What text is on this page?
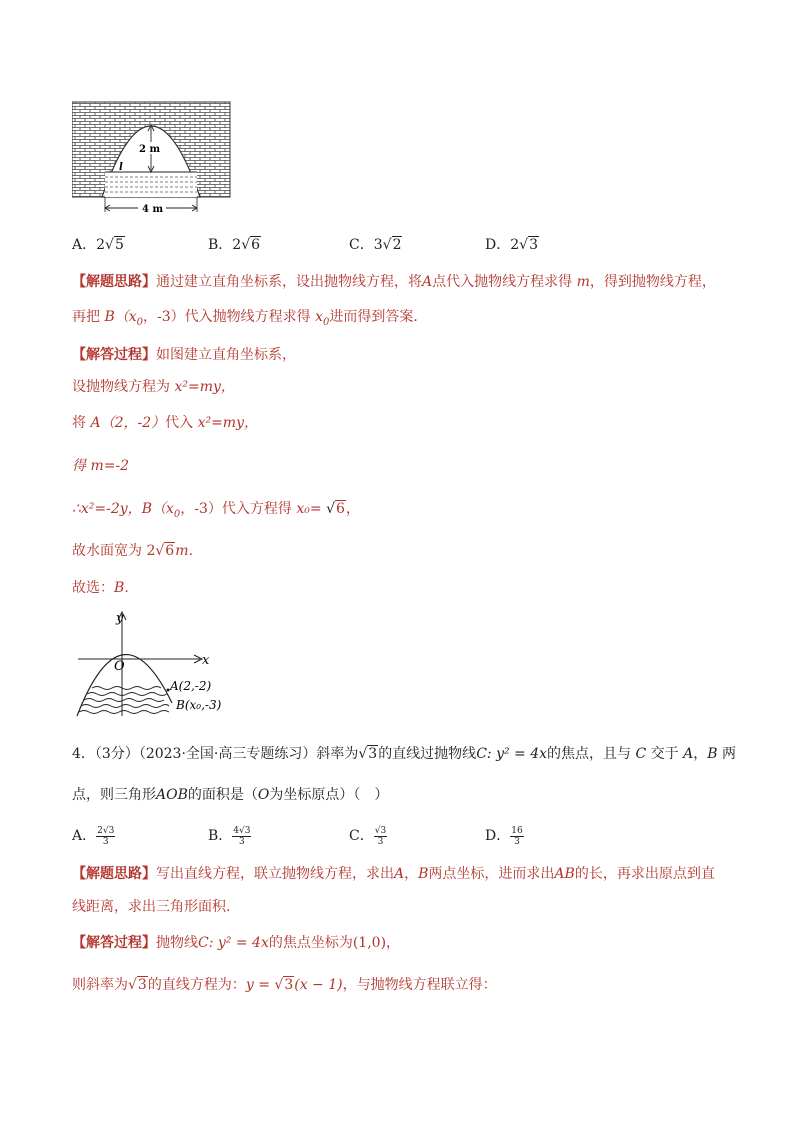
2 m
l
4 m
A．2√5	B．2√6	C．3√2	D．2√3
【解题思路】通过建立直角坐标系，设出抛物线方程，将A点代入抛物线方程求得 m，得到抛物线方程，
再把 $B(x_0$，-3）代入抛物线方程求得 $x_0$进而得到答案．
【解答过程】如图建立直角坐标系，
设抛物线方程为 x²=my，
将 A（2，-2）代入 x²=my，
得 m=-2
∴x²=-2y，$B(x_0$，-3）代入方程得 x₀= √6，
故水面宽为 2√6m．
故选：B．
y
x
O
A(2,-2)
B(x₀,-3)
4．（3分）（2023·全国·高三专题练习）斜率为√3的直线过抛物线C: y² = 4x的焦点，且与 C 交于 A，B 两
点，则三角形AOB的面积是（O为坐标原点）（　）
A． $\frac{2√3}{3}$	B． $\frac{4√3}{3}$	C． $\frac{√3}{3}$	D． $\frac{16}{3}$
【解题思路】写出直线方程，联立抛物线方程，求出A，B两点坐标，进而求出AB的长，再求出原点到直
线距离，求出三角形面积.
【解答过程】抛物线C: y² = 4x的焦点坐标为(1,0)，
则斜率为√3的直线方程为：y = √3(x − 1)，与抛物线方程联立得：
